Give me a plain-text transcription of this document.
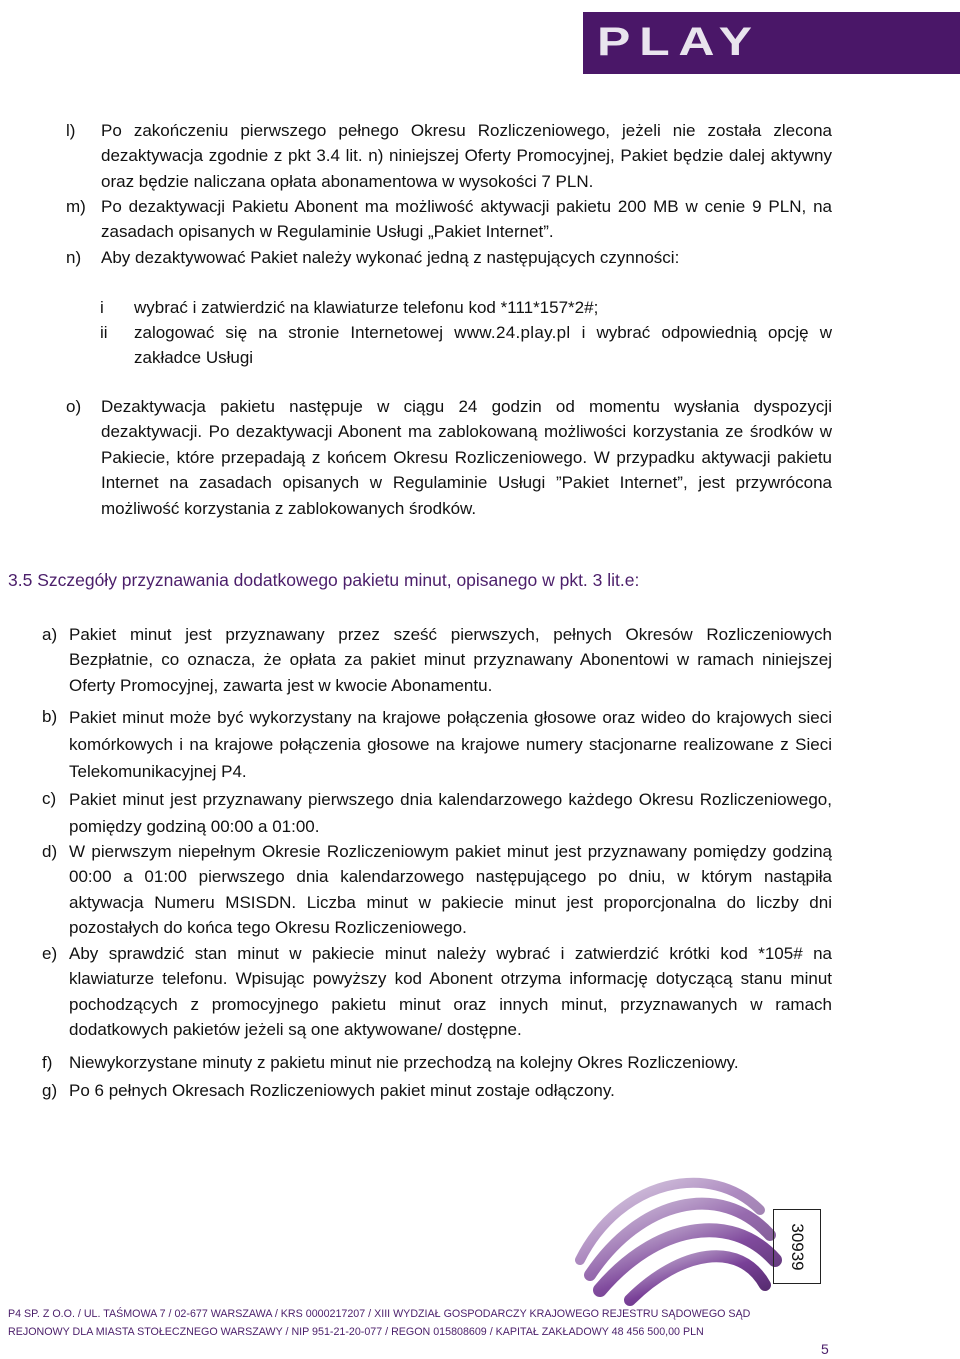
PLAY
l) Po zakończeniu pierwszego pełnego Okresu Rozliczeniowego, jeżeli nie została zlecona dezaktywacja zgodnie z pkt 3.4 lit. n) niniejszej Oferty Promocyjnej, Pakiet będzie dalej aktywny oraz będzie naliczana opłata abonamentowa w wysokości 7 PLN.
m) Po dezaktywacji Pakietu Abonent ma możliwość aktywacji pakietu 200 MB w cenie 9 PLN, na zasadach opisanych w Regulaminie Usługi „Pakiet Internet”.
n) Aby dezaktywować Pakiet należy wykonać jedną z następujących czynności:
i wybrać i zatwierdzić na klawiaturze telefonu kod *111*157*2#;
ii zalogować się na stronie Internetowej www.24.play.pl i wybrać odpowiednią opcję w zakładce Usługi
o) Dezaktywacja pakietu następuje w ciągu 24 godzin od momentu wysłania dyspozycji dezaktywacji. Po dezaktywacji Abonent ma zablokowaną możliwości korzystania ze środków w Pakiecie, które przepadają z końcem Okresu Rozliczeniowego. W przypadku aktywacji pakietu Internet na zasadach opisanych w Regulaminie Usługi ”Pakiet Internet”, jest przywrócona możliwość korzystania z zablokowanych środków.
3.5 Szczegóły przyznawania dodatkowego pakietu minut, opisanego w pkt. 3 lit.e:
a) Pakiet minut jest przyznawany przez sześć pierwszych, pełnych Okresów Rozliczeniowych Bezpłatnie, co oznacza, że opłata za pakiet minut przyznawany Abonentowi w ramach niniejszej Oferty Promocyjnej, zawarta jest w kwocie Abonamentu.
b) Pakiet minut może być wykorzystany na krajowe połączenia głosowe oraz wideo do krajowych sieci komórkowych i na krajowe połączenia głosowe na krajowe numery stacjonarne realizowane z Sieci Telekomunikacyjnej P4.
c) Pakiet minut jest przyznawany pierwszego dnia kalendarzowego każdego Okresu Rozliczeniowego, pomiędzy godziną 00:00 a 01:00.
d) W pierwszym niepełnym Okresie Rozliczeniowym pakiet minut jest przyznawany pomiędzy godziną 00:00 a 01:00 pierwszego dnia kalendarzowego następującego po dniu, w którym nastąpiła aktywacja Numeru MSISDN. Liczba minut w pakiecie minut jest proporcjonalna do liczby dni pozostałych do końca tego Okresu Rozliczeniowego.
e) Aby sprawdzić stan minut w pakiecie minut należy wybrać i zatwierdzić krótki kod *105# na klawiaturze telefonu. Wpisując powyższy kod Abonent otrzyma informację dotyczącą stanu minut pochodzących z promocyjnego pakietu minut oraz innych minut, przyznawanych w ramach dodatkowych pakietów jeżeli są one aktywowane/ dostępne.
f) Niewykorzystane minuty z pakietu minut nie przechodzą na kolejny Okres Rozliczeniowy.
g) Po 6 pełnych Okresach Rozliczeniowych pakiet minut zostaje odłączony.
30939
P4 SP. Z O.O. / UL. TAŚMOWA 7 / 02-677 WARSZAWA / KRS 0000217207 / XIII WYDZIAŁ GOSPODARCZY KRAJOWEGO REJESTRU SĄDOWEGO SĄD
REJONOWY DLA MIASTA STOŁECZNEGO WARSZAWY / NIP 951-21-20-077 / REGON 015808609 / KAPITAŁ ZAKŁADOWY 48 456 500,00 PLN
5
